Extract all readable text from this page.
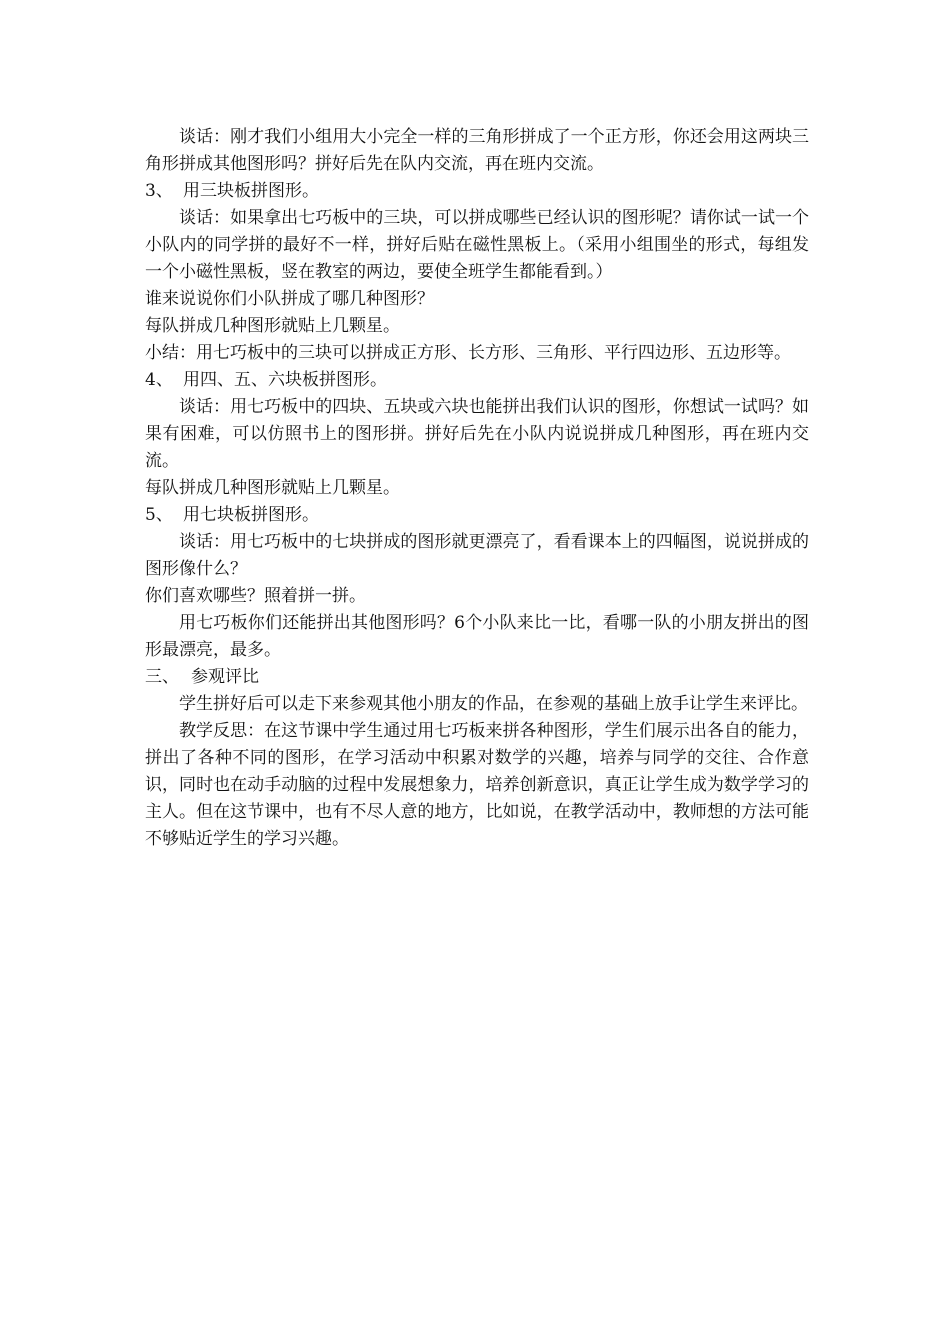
谈话：刚才我们小组用大小完全一样的三角形拼成了一个正方形，你还会用这两块三角形拼成其他图形吗？拼好后先在队内交流，再在班内交流。

3、 用三块板拼图形。

谈话：如果拿出七巧板中的三块，可以拼成哪些已经认识的图形呢？请你试一试一个小队内的同学拼的最好不一样，拼好后贴在磁性黑板上。（采用小组围坐的形式，每组发一个小磁性黑板，竖在教室的两边，要使全班学生都能看到。）

谁来说说你们小队拼成了哪几种图形？

每队拼成几种图形就贴上几颗星。

小结：用七巧板中的三块可以拼成正方形、长方形、三角形、平行四边形、五边形等。

4、 用四、五、六块板拼图形。

谈话：用七巧板中的四块、五块或六块也能拼出我们认识的图形，你想试一试吗？如果有困难，可以仿照书上的图形拼。拼好后先在小队内说说拼成几种图形，再在班内交流。

每队拼成几种图形就贴上几颗星。

5、 用七块板拼图形。

谈话：用七巧板中的七块拼成的图形就更漂亮了，看看课本上的四幅图，说说拼成的图形像什么？

你们喜欢哪些？照着拼一拼。

用七巧板你们还能拼出其他图形吗？6个小队来比一比，看哪一队的小朋友拼出的图形最漂亮，最多。

三、 参观评比

学生拼好后可以走下来参观其他小朋友的作品，在参观的基础上放手让学生来评比。

教学反思：在这节课中学生通过用七巧板来拼各种图形，学生们展示出各自的能力，拼出了各种不同的图形，在学习活动中积累对数学的兴趣，培养与同学的交往、合作意识，同时也在动手动脑的过程中发展想象力，培养创新意识，真正让学生成为数学学习的主人。但在这节课中，也有不尽人意的地方，比如说，在教学活动中，教师想的方法可能不够贴近学生的学习兴趣。
